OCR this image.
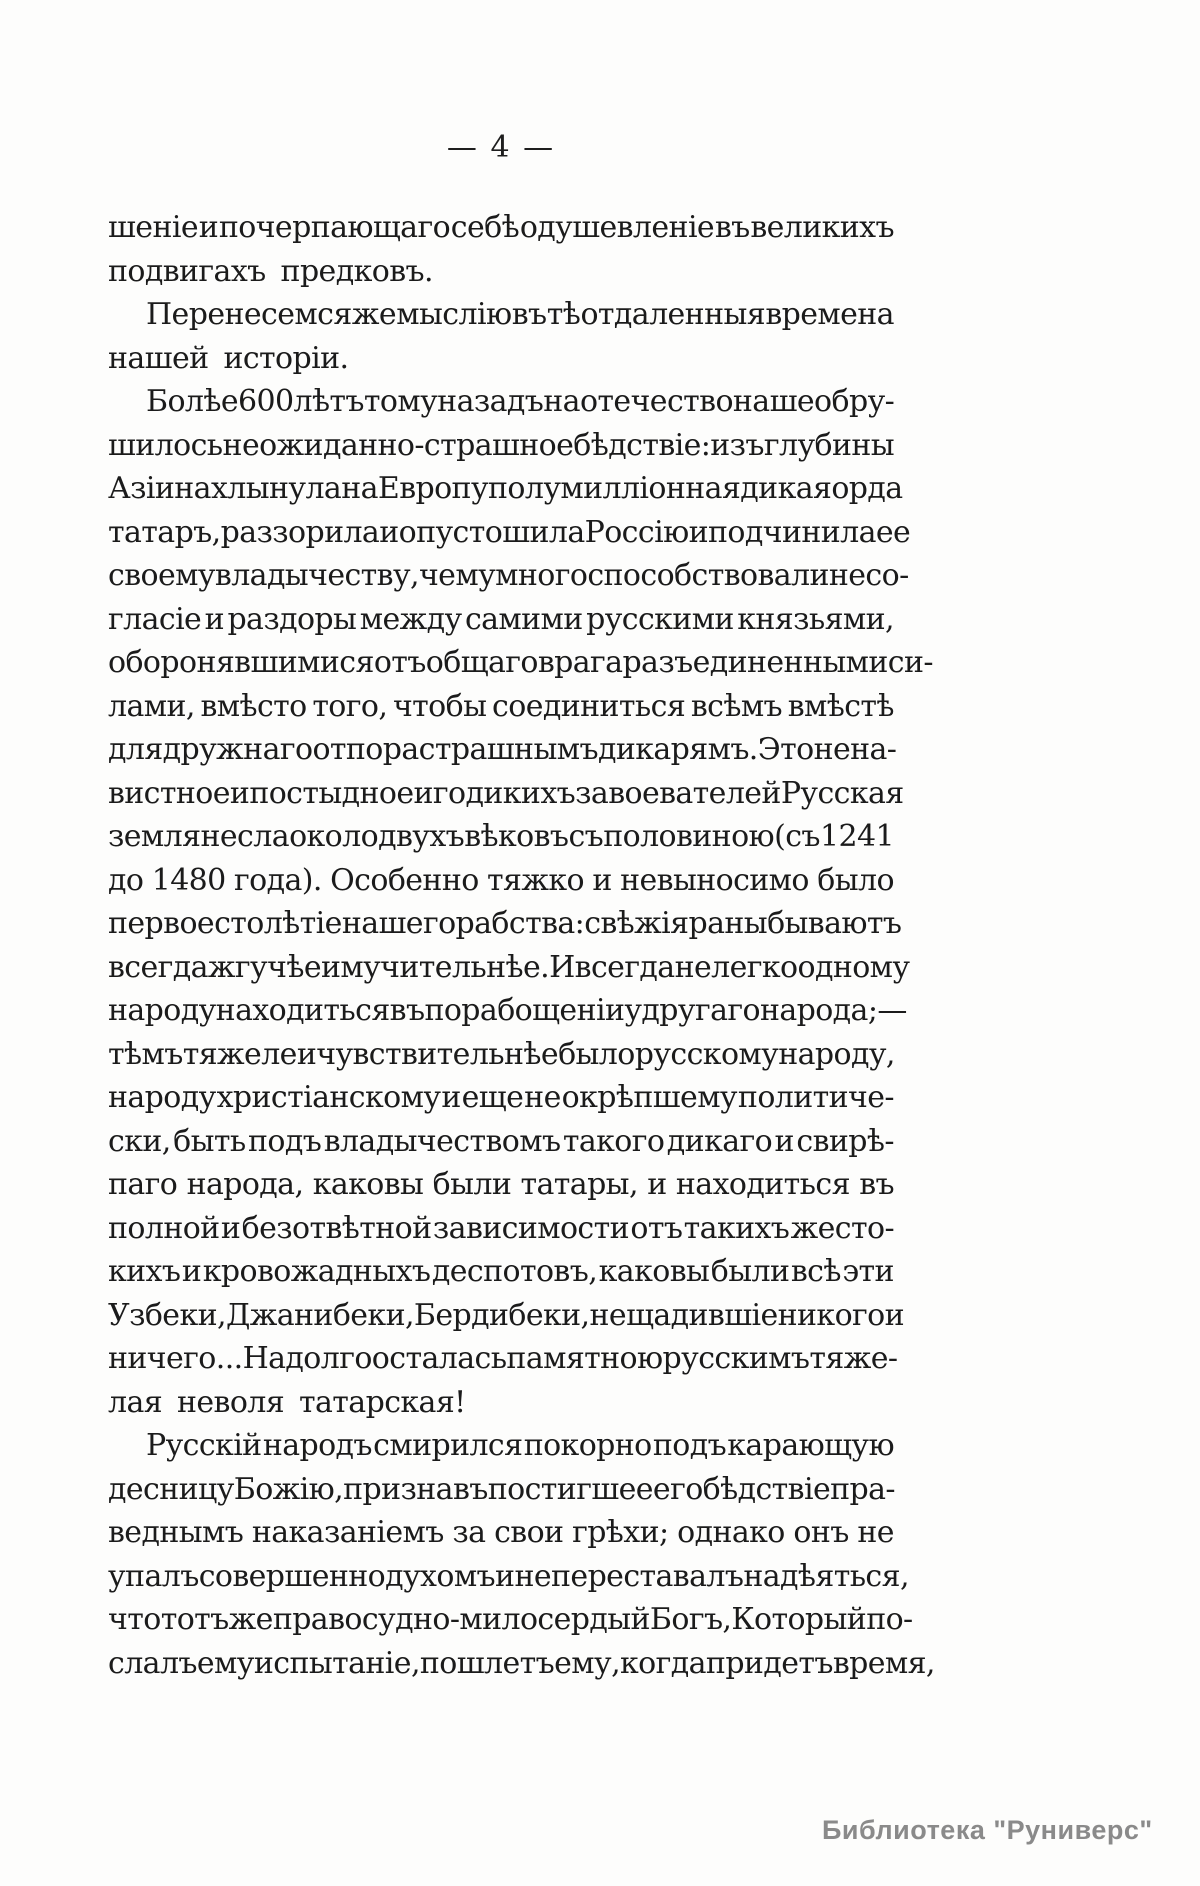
— 4 —
шеніе и почерпающаго себѣ одушевленіе въ великихъ
подвигахъ предковъ.
Перенесемся же мыслію въ тѣ отдаленныя времена
нашей исторіи.
Болѣе 600 лѣтъ тому назадъ на отечество наше обру-
шилось неожиданно-страшное бѣдствіе: изъ глубины
Азіи нахлынула на Европу полумилліонная дикая орда
татаръ, раззорила и опустошила Россію и подчинила ее
своему владычеству, чему много способствовали несо-
гласіе и раздоры между самими русскими князьями,
оборонявшимися отъ общаго врага разъединенными си-
лами, вмѣсто того, чтобы соединиться всѣмъ вмѣстѣ
для дружнаго отпора страшнымъ дикарямъ. Это нена-
вистное и постыдное иго дикихъ завоевателей Русская
земля несла около двухъ вѣковъ съ половиною (съ 1241
до 1480 года). Особенно тяжко и невыносимо было
первое столѣтіе нашего рабства: свѣжія раны бываютъ
всегда жгучѣе и мучительнѣе. И всегда нелегко одному
народу находиться въ порабощеніи у другаго народа;—
тѣмъ тяжеле и чувствительнѣе было русскому народу,
народу христіанскому и еще не окрѣпшему политиче-
ски, быть подъ владычествомъ такого дикаго и свирѣ-
паго народа, каковы были татары, и находиться въ
полной и безотвѣтной зависимости отъ такихъ жесто-
кихъ и кровожадныхъ деспотовъ, каковы были всѣ эти
Узбеки, Джанибеки, Бердибеки, не щадившіе никого и
ничего... Надолго осталась памятною русскимъ тяже-
лая неволя татарская!
Русскій народъ смирился покорно подъ карающую
десницу Божію, признавъ постигшее его бѣдствіе пра-
веднымъ наказаніемъ за свои грѣхи; однако онъ не
упалъ совершенно духомъ и не переставалъ надѣяться,
что тотъ же правосудно-милосердый Богъ, Который по-
слалъ ему испытаніе, пошлетъ ему, когда придетъ время,
Библиотека "Руниверс"
